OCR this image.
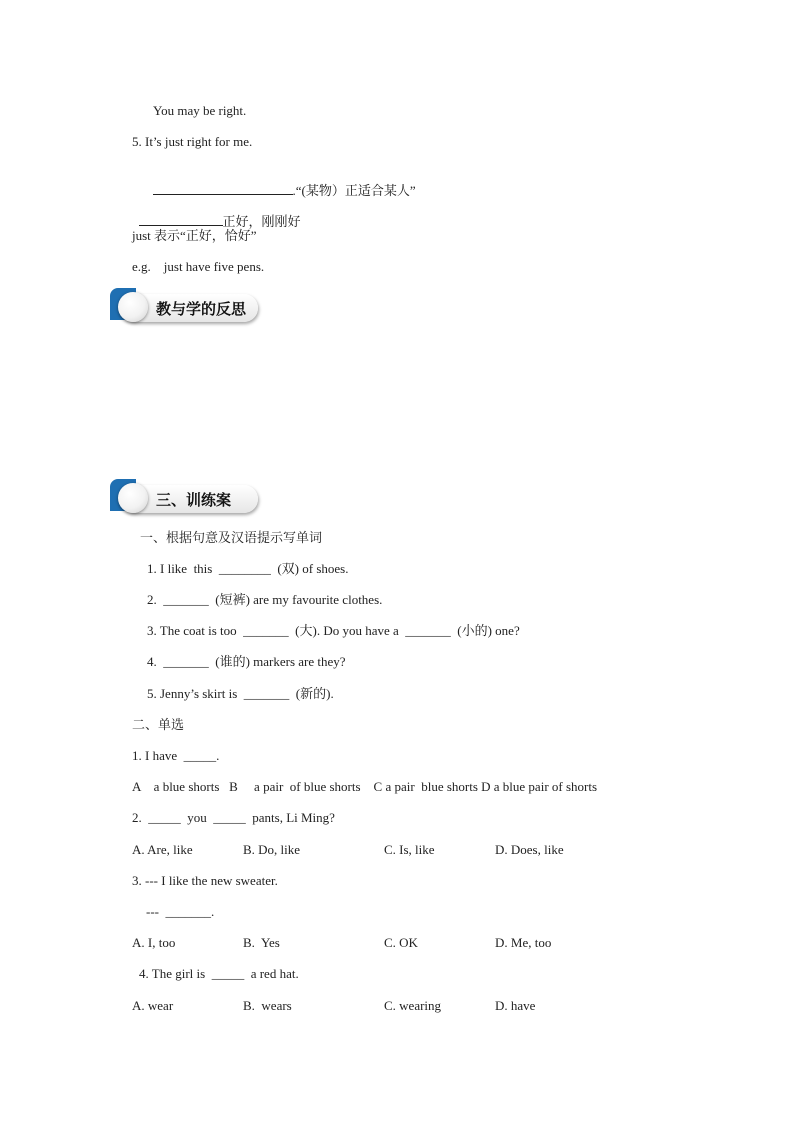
You may be right.
5. It’s just right for me.

.“(某物）正适合某人”

正好，刚刚好

just 表示“正好，恰好”
e.g.    just have five pens.
教与学的反思
三、训练案
一、根据句意及汉语提示写单词
1. I like  this  ________  (双) of shoes.
2.  _______  (短裤) are my favourite clothes.
3. The coat is too  _______  (大). Do you have a  _______  (小的) one?
4.  _______  (谁的) markers are they?
5. Jenny’s skirt is  _______  (新的).
二、单选
1. I have  _____.
A    a blue shorts   B     a pair  of blue shorts    C a pair  blue shorts D a blue pair of shorts
2.  _____  you  _____  pants, Li Ming?
A. Are, like	B. Do, like	C. Is, like	D. Does, like
3. --- I like the new sweater.
---  _______.
A. I, too	B.  Yes	C. OK	D. Me, too
4. The girl is  _____  a red hat.
A. wear	B.  wears	C. wearing	D. have
